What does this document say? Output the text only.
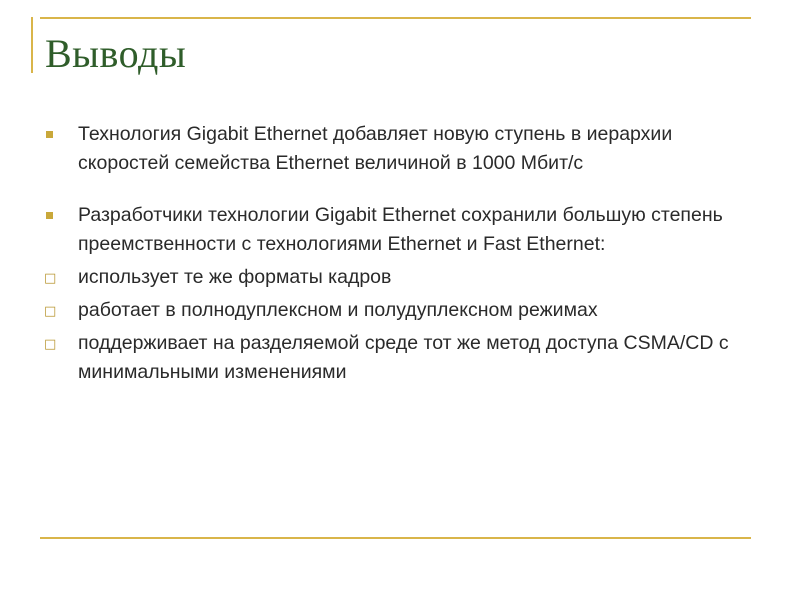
Выводы
Технология Gigabit Ethernet добавляет новую ступень в иерархии скоростей семейства Ethernet величиной в 1000 Мбит/с
Разработчики технологии Gigabit Ethernet сохранили большую степень преемственности с технологиями Ethernet и Fast Ethernet:
□ использует те же форматы кадров
□ работает в полнодуплексном и полудуплексном режимах
□ поддерживает на разделяемой среде тот же метод доступа CSMA/CD с минимальными изменениями
